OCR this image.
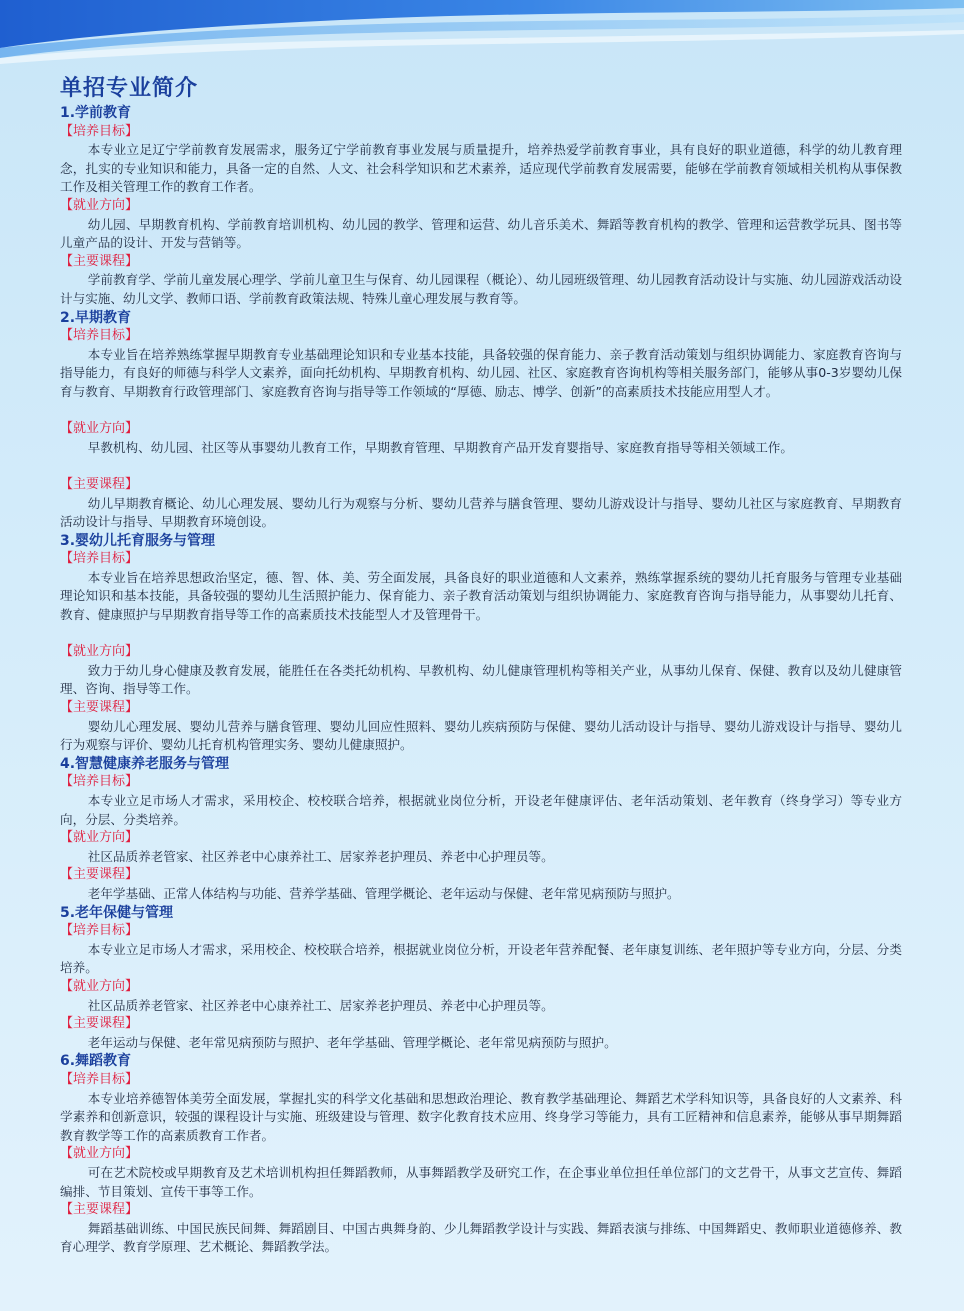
单招专业简介
1.学前教育
【培养目标】

本专业立足辽宁学前教育发展需求，服务辽宁学前教育事业发展与质量提升，培养热爱学前教育事业，具有良好的职业道德，科学的幼儿教育理念，扎实的专业知识和能力，具备一定的自然、人文、社会科学知识和艺术素养，适应现代学前教育发展需要，能够在学前教育领域相关机构从事保教工作及相关管理工作的教育工作者。

【就业方向】

幼儿园、早期教育机构、学前教育培训机构、幼儿园的教学、管理和运营、幼儿音乐美术、舞蹈等教育机构的教学、管理和运营教学玩具、图书等儿童产品的设计、开发与营销等。

【主要课程】

学前教育学、学前儿童发展心理学、学前儿童卫生与保育、幼儿园课程（概论）、幼儿园班级管理、幼儿园教育活动设计与实施、幼儿园游戏活动设计与实施、幼儿文学、教师口语、学前教育政策法规、特殊儿童心理发展与教育等。

2.早期教育
【培养目标】

本专业旨在培养熟练掌握早期教育专业基础理论知识和专业基本技能，具备较强的保育能力、亲子教育活动策划与组织协调能力、家庭教育咨询与指导能力，有良好的师德与科学人文素养，面向托幼机构、早期教育机构、幼儿园、社区、家庭教育咨询机构等相关服务部门，能够从事0-3岁婴幼儿保育与教育、早期教育行政管理部门、家庭教育咨询与指导等工作领域的“厚德、励志、博学、创新”的高素质技术技能应用型人才。

【就业方向】

早教机构、幼儿园、社区等从事婴幼儿教育工作，早期教育管理、早期教育产品开发育婴指导、家庭教育指导等相关领域工作。

【主要课程】

幼儿早期教育概论、幼儿心理发展、婴幼儿行为观察与分析、婴幼儿营养与膳食管理、婴幼儿游戏设计与指导、婴幼儿社区与家庭教育、早期教育活动设计与指导、早期教育环境创设。

3.婴幼儿托育服务与管理
【培养目标】

本专业旨在培养思想政治坚定，德、智、体、美、劳全面发展，具备良好的职业道德和人文素养，熟练掌握系统的婴幼儿托育服务与管理专业基础理论知识和基本技能，具备较强的婴幼儿生活照护能力、保育能力、亲子教育活动策划与组织协调能力、家庭教育咨询与指导能力，从事婴幼儿托育、教育、健康照护与早期教育指导等工作的高素质技术技能型人才及管理骨干。

【就业方向】

致力于幼儿身心健康及教育发展，能胜任在各类托幼机构、早教机构、幼儿健康管理机构等相关产业，从事幼儿保育、保健、教育以及幼儿健康管理、咨询、指导等工作。

【主要课程】

婴幼儿心理发展、婴幼儿营养与膳食管理、婴幼儿回应性照料、婴幼儿疾病预防与保健、婴幼儿活动设计与指导、婴幼儿游戏设计与指导、婴幼儿行为观察与评价、婴幼儿托育机构管理实务、婴幼儿健康照护。

4.智慧健康养老服务与管理
【培养目标】

本专业立足市场人才需求，采用校企、校校联合培养，根据就业岗位分析，开设老年健康评估、老年活动策划、老年教育（终身学习）等专业方向，分层、分类培养。

【就业方向】

社区品质养老管家、社区养老中心康养社工、居家养老护理员、养老中心护理员等。

【主要课程】

老年学基础、正常人体结构与功能、营养学基础、管理学概论、老年运动与保健、老年常见病预防与照护。

5.老年保健与管理
【培养目标】

本专业立足市场人才需求，采用校企、校校联合培养，根据就业岗位分析，开设老年营养配餐、老年康复训练、老年照护等专业方向，分层、分类培养。

【就业方向】

社区品质养老管家、社区养老中心康养社工、居家养老护理员、养老中心护理员等。

【主要课程】

老年运动与保健、老年常见病预防与照护、老年学基础、管理学概论、老年常见病预防与照护。

6.舞蹈教育
【培养目标】

本专业培养德智体美劳全面发展，掌握扎实的科学文化基础和思想政治理论、教育教学基础理论、舞蹈艺术学科知识等，具备良好的人文素养、科学素养和创新意识，较强的课程设计与实施、班级建设与管理、数字化教育技术应用、终身学习等能力，具有工匠精神和信息素养，能够从事早期舞蹈教育教学等工作的高素质教育工作者。

【就业方向】

可在艺术院校或早期教育及艺术培训机构担任舞蹈教师，从事舞蹈教学及研究工作，在企事业单位担任单位部门的文艺骨干，从事文艺宣传、舞蹈编排、节目策划、宣传干事等工作。

【主要课程】

舞蹈基础训练、中国民族民间舞、舞蹈剧目、中国古典舞身韵、少儿舞蹈教学设计与实践、舞蹈表演与排练、中国舞蹈史、教师职业道德修养、教育心理学、教育学原理、艺术概论、舞蹈教学法。
